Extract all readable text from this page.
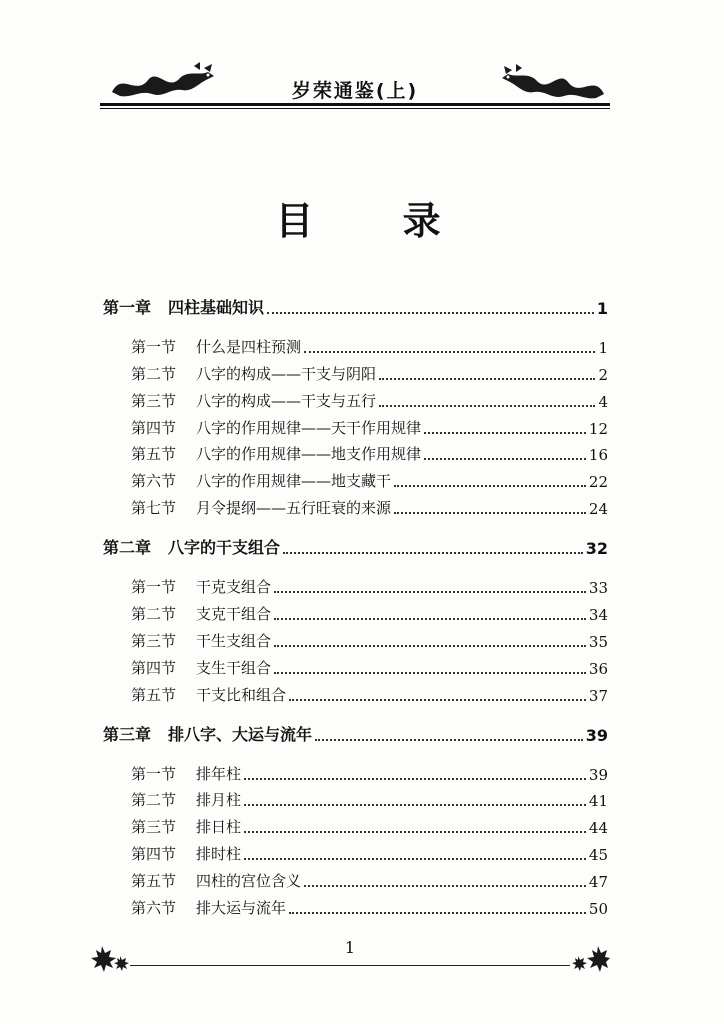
岁荣通鉴(上)
目 录
第一章	四柱基础知识	1
第一节	什么是四柱预测	1
第二节	八字的构成——干支与阴阳	2
第三节	八字的构成——干支与五行	4
第四节	八字的作用规律——天干作用规律	12
第五节	八字的作用规律——地支作用规律	16
第六节	八字的作用规律——地支藏干	22
第七节	月令提纲——五行旺衰的来源	24
第二章	八字的干支组合	32
第一节	干克支组合	33
第二节	支克干组合	34
第三节	干生支组合	35
第四节	支生干组合	36
第五节	干支比和组合	37
第三章	排八字、大运与流年	39
第一节	排年柱	39
第二节	排月柱	41
第三节	排日柱	44
第四节	排时柱	45
第五节	四柱的宫位含义	47
第六节	排大运与流年	50
1
